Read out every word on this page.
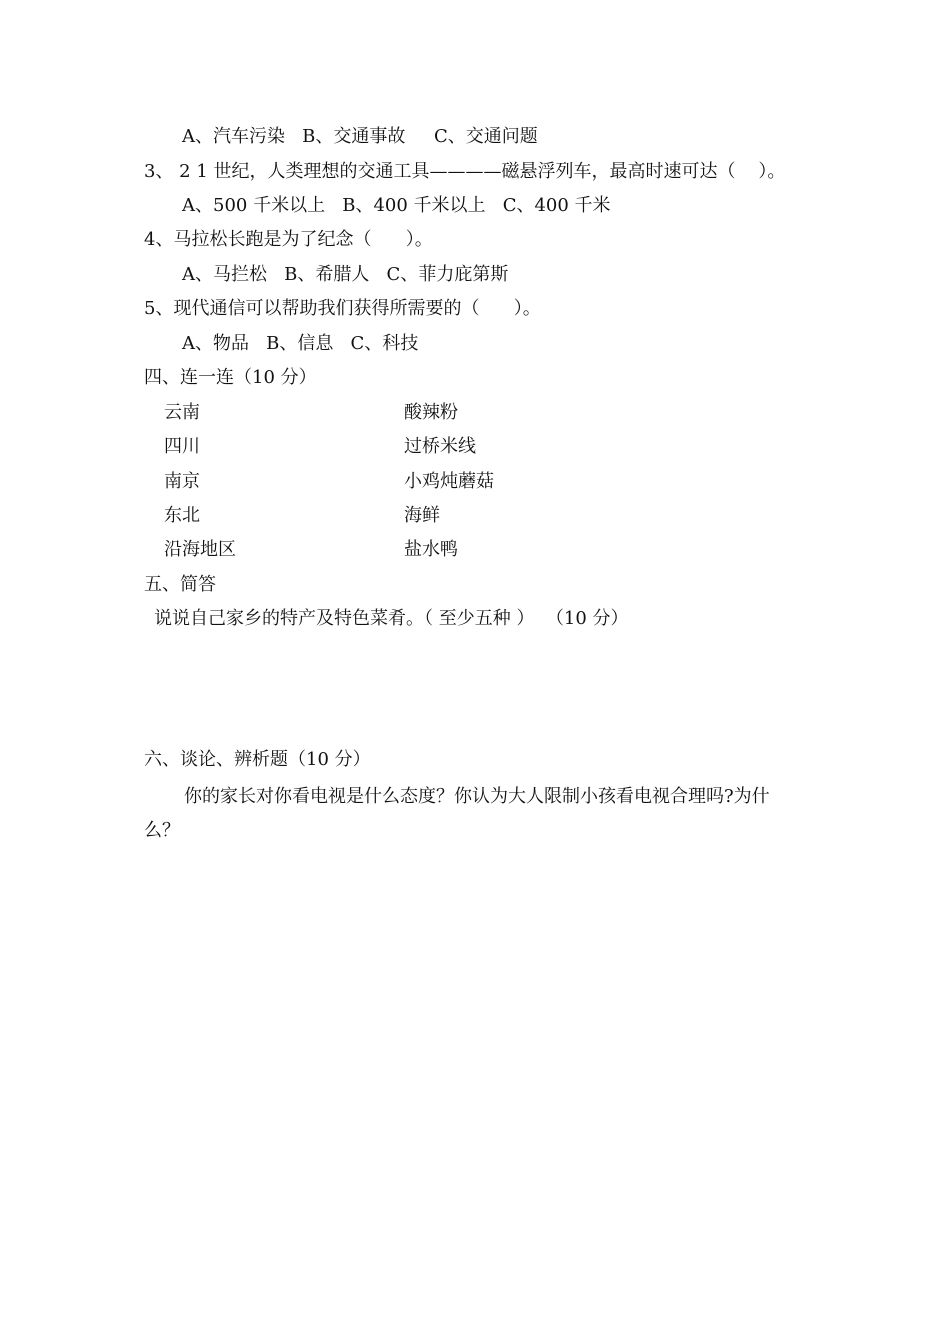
A、汽车污染   B、交通事故     C、交通问题
3、 2 1 世纪，人类理想的交通工具————磁悬浮列车，最高时速可达（    ）。
A、500 千米以上   B、400 千米以上   C、400 千米
4、马拉松长跑是为了纪念（      ）。
A、马拦松   B、希腊人   C、菲力庇第斯
5、现代通信可以帮助我们获得所需要的（      ）。
A、物品   B、信息   C、科技
四、连一连（10 分）
云南
四川
南京
东北
沿海地区
酸辣粉
过桥米线
小鸡炖蘑菇
海鲜
盐水鸭
五、简答
说说自己家乡的特产及特色菜肴。（ 至少五种 ）  （10 分）
六、谈论、辨析题（10 分）
你的家长对你看电视是什么态度？你认为大人限制小孩看电视合理吗?为什
么？
